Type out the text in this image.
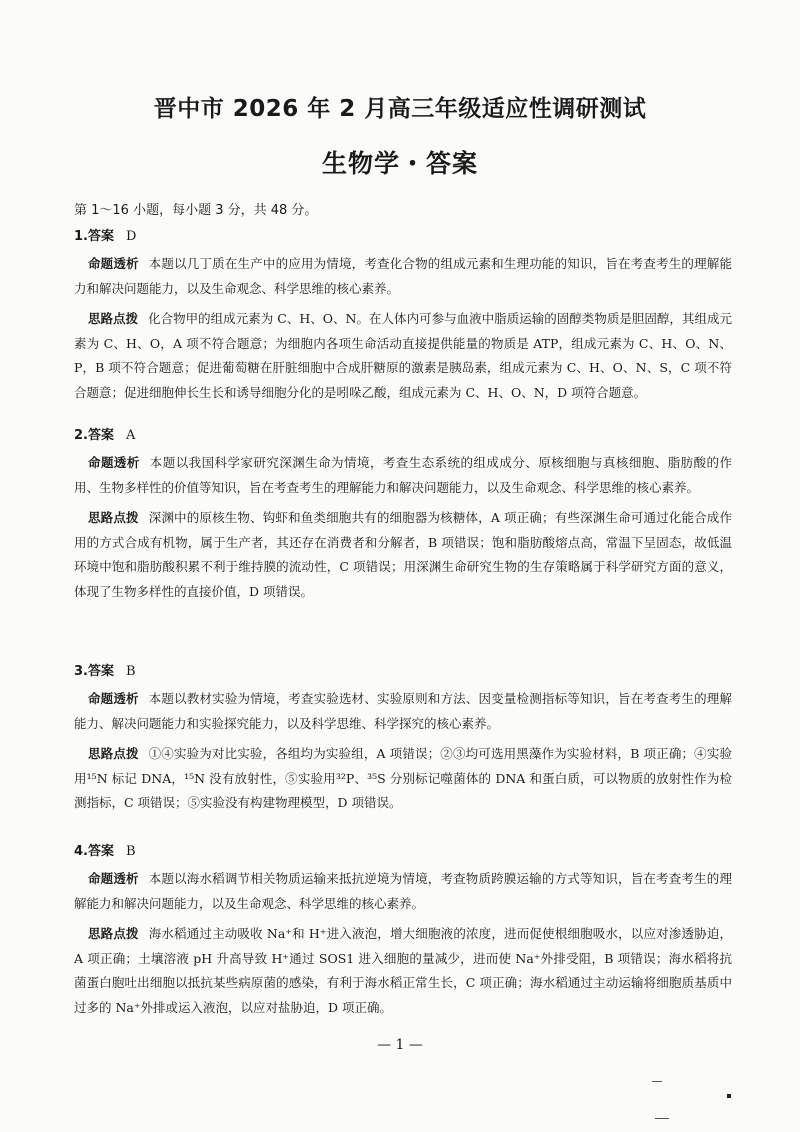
晋中市 2026 年 2 月高三年级适应性调研测试
生物学・答案
第 1～16 小题，每小题 3 分，共 48 分。
1.答案 D
命题透析 本题以几丁质在生产中的应用为情境，考查化合物的组成元素和生理功能的知识，旨在考查考生的理解能力和解决问题能力，以及生命观念、科学思维的核心素养。
思路点拨 化合物甲的组成元素为 C、H、O、N。在人体内可参与血液中脂质运输的固醇类物质是胆固醇，其组成元素为 C、H、O，A 项不符合题意；为细胞内各项生命活动直接提供能量的物质是 ATP，组成元素为 C、H、O、N、P，B 项不符合题意；促进葡萄糖在肝脏细胞中合成肝糖原的激素是胰岛素，组成元素为 C、H、O、N、S，C 项不符合题意；促进细胞伸长生长和诱导细胞分化的是吲哚乙酸，组成元素为 C、H、O、N，D 项符合题意。
2.答案 A
命题透析 本题以我国科学家研究深渊生命为情境，考查生态系统的组成成分、原核细胞与真核细胞、脂肪酸的作用、生物多样性的价值等知识，旨在考查考生的理解能力和解决问题能力，以及生命观念、科学思维的核心素养。
思路点拨 深渊中的原核生物、钩虾和鱼类细胞共有的细胞器为核糖体，A 项正确；有些深渊生命可通过化能合成作用的方式合成有机物，属于生产者，其还存在消费者和分解者，B 项错误；饱和脂肪酸熔点高，常温下呈固态，故低温环境中饱和脂肪酸积累不利于维持膜的流动性，C 项错误；用深渊生命研究生物的生存策略属于科学研究方面的意义，体现了生物多样性的直接价值，D 项错误。
3.答案 B
命题透析 本题以教材实验为情境，考查实验选材、实验原则和方法、因变量检测指标等知识，旨在考查考生的理解能力、解决问题能力和实验探究能力，以及科学思维、科学探究的核心素养。
思路点拨 ①④实验为对比实验，各组均为实验组，A 项错误；②③均可选用黑藻作为实验材料，B 项正确；④实验用¹⁵N 标记 DNA，¹⁵N 没有放射性，⑤实验用³²P、³⁵S 分别标记噬菌体的 DNA 和蛋白质，可以物质的放射性作为检测指标，C 项错误；⑤实验没有构建物理模型，D 项错误。
4.答案 B
命题透析 本题以海水稻调节相关物质运输来抵抗逆境为情境，考查物质跨膜运输的方式等知识，旨在考查考生的理解能力和解决问题能力，以及生命观念、科学思维的核心素养。
思路点拨 海水稻通过主动吸收 Na⁺和 H⁺进入液泡，增大细胞液的浓度，进而促使根细胞吸水，以应对渗透胁迫，A 项正确；土壤溶液 pH 升高导致 H⁺通过 SOS1 进入细胞的量减少，进而使 Na⁺外排受阻，B 项错误；海水稻将抗菌蛋白胞吐出细胞以抵抗某些病原菌的感染，有利于海水稻正常生长，C 项正确；海水稻通过主动运输将细胞质基质中过多的 Na⁺外排或运入液泡，以应对盐胁迫，D 项正确。
— 1 —
